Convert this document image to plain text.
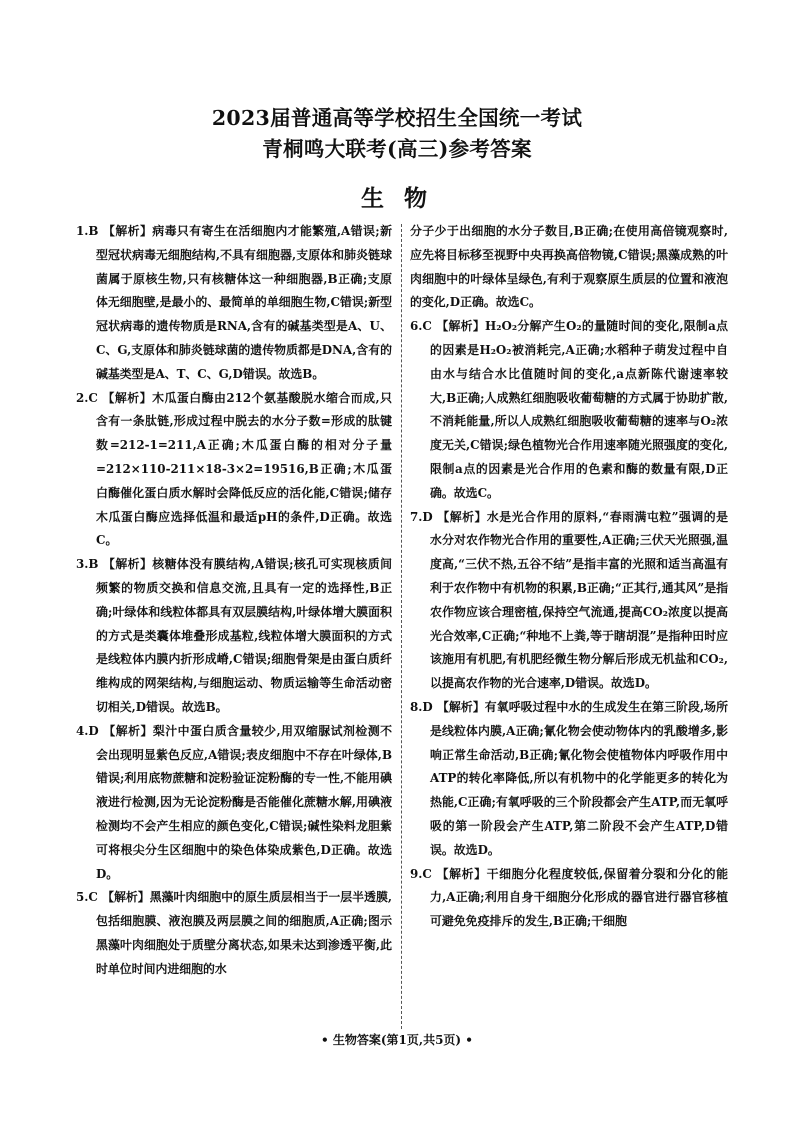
2023届普通高等学校招生全国统一考试
青桐鸣大联考(高三)参考答案
生物

1.B 【解析】病毒只有寄生在活细胞内才能繁殖,A错误;新型冠状病毒无细胞结构,不具有细胞器,支原体和肺炎链球菌属于原核生物,只有核糖体这一种细胞器,B正确;支原体无细胞壁,是最小的、最简单的单细胞生物,C错误;新型冠状病毒的遗传物质是RNA,含有的碱基类型是A、U、C、G,支原体和肺炎链球菌的遗传物质都是DNA,含有的碱基类型是A、T、C、G,D错误。故选B。

2.C 【解析】木瓜蛋白酶由212个氨基酸脱水缩合而成,只含有一条肽链,形成过程中脱去的水分子数=形成的肽键数=212-1=211,A正确;木瓜蛋白酶的相对分子量=212×110-211×18-3×2=19516,B正确;木瓜蛋白酶催化蛋白质水解时会降低反应的活化能,C错误;储存木瓜蛋白酶应选择低温和最适pH的条件,D正确。故选C。

3.B 【解析】核糖体没有膜结构,A错误;核孔可实现核质间频繁的物质交换和信息交流,且具有一定的选择性,B正确;叶绿体和线粒体都具有双层膜结构,叶绿体增大膜面积的方式是类囊体堆叠形成基粒,线粒体增大膜面积的方式是线粒体内膜内折形成嵴,C错误;细胞骨架是由蛋白质纤维构成的网架结构,与细胞运动、物质运输等生命活动密切相关,D错误。故选B。

4.D 【解析】梨汁中蛋白质含量较少,用双缩脲试剂检测不会出现明显紫色反应,A错误;表皮细胞中不存在叶绿体,B错误;利用底物蔗糖和淀粉验证淀粉酶的专一性,不能用碘液进行检测,因为无论淀粉酶是否能催化蔗糖水解,用碘液检测均不会产生相应的颜色变化,C错误;碱性染料龙胆紫可将根尖分生区细胞中的染色体染成紫色,D正确。故选D。

5.C 【解析】黑藻叶肉细胞中的原生质层相当于一层半透膜,包括细胞膜、液泡膜及两层膜之间的细胞质,A正确;图示黑藻叶肉细胞处于质壁分离状态,如果未达到渗透平衡,此时单位时间内进细胞的水

分子少于出细胞的水分子数目,B正确;在使用高倍镜观察时,应先将目标移至视野中央再换高倍物镜,C错误;黑藻成熟的叶肉细胞中的叶绿体呈绿色,有利于观察原生质层的位置和液泡的变化,D正确。故选C。

6.C 【解析】H₂O₂分解产生O₂的量随时间的变化,限制a点的因素是H₂O₂被消耗完,A正确;水稻种子萌发过程中自由水与结合水比值随时间的变化,a点新陈代谢速率较大,B正确;人成熟红细胞吸收葡萄糖的方式属于协助扩散,不消耗能量,所以人成熟红细胞吸收葡萄糖的速率与O₂浓度无关,C错误;绿色植物光合作用速率随光照强度的变化,限制a点的因素是光合作用的色素和酶的数量有限,D正确。故选C。

7.D 【解析】水是光合作用的原料,“春雨满屯粒”强调的是水分对农作物光合作用的重要性,A正确;三伏天光照强,温度高,“三伏不热,五谷不结”是指丰富的光照和适当高温有利于农作物中有机物的积累,B正确;“正其行,通其风”是指农作物应该合理密植,保持空气流通,提高CO₂浓度以提高光合效率,C正确;“种地不上粪,等于瞎胡混”是指种田时应该施用有机肥,有机肥经微生物分解后形成无机盐和CO₂,以提高农作物的光合速率,D错误。故选D。

8.D 【解析】有氧呼吸过程中水的生成发生在第三阶段,场所是线粒体内膜,A正确;氰化物会使动物体内的乳酸增多,影响正常生命活动,B正确;氰化物会使植物体内呼吸作用中ATP的转化率降低,所以有机物中的化学能更多的转化为热能,C正确;有氧呼吸的三个阶段都会产生ATP,而无氧呼吸的第一阶段会产生ATP,第二阶段不会产生ATP,D错误。故选D。

9.C 【解析】干细胞分化程度较低,保留着分裂和分化的能力,A正确;利用自身干细胞分化形成的器官进行器官移植可避免免疫排斥的发生,B正确;干细胞

• 生物答案(第1页,共5页) •
